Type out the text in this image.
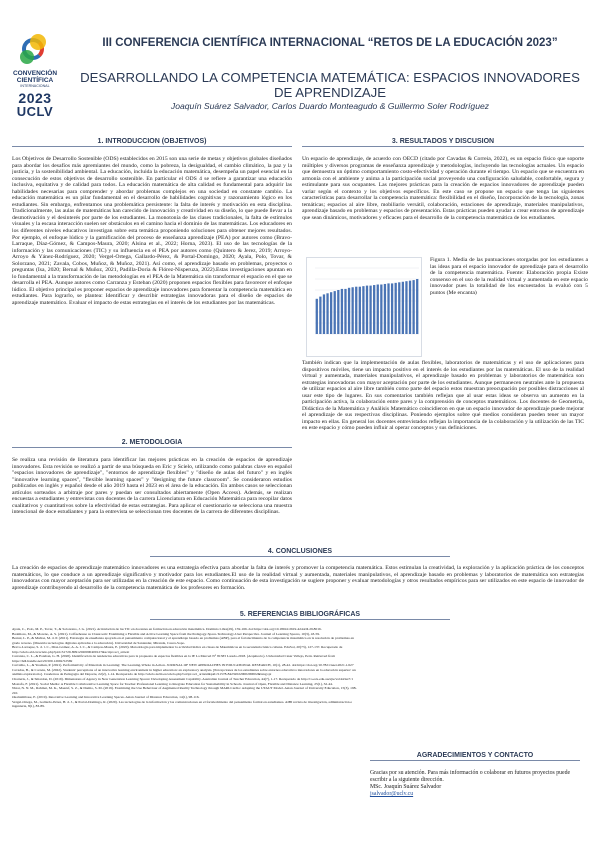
CONVENCIÓN
CIENTÍFICA
INTERNACIONAL
2023
UCLV
III CONFERENCIA CIENTÍFICA INTERNACIONAL “RETOS DE LA EDUCACIÓN 2023”
DESARROLLANDO LA COMPETENCIA MATEMÁTICA: ESPACIOS INNOVADORES DE APRENDIZAJE
Joaquín Suárez Salvador, Carlos Duardo Monteagudo & Guillermo Soler Rodríguez
1. INTRODUCCION (OBJETIVOS)
Los Objetivos de Desarrollo Sostenible (ODS) establecidos en 2015 son una serie de metas y objetivos globales diseñados para abordar los desafíos más apremiantes del mundo, como la pobreza, la desigualdad, el cambio climático, la paz y la justicia, y la sostenibilidad ambiental. La educación, incluida la educación matemática, desempeña un papel esencial en la consecución de estos objetivos de desarrollo sostenible. En particular el ODS 4 se refiere a garantizar una educación inclusiva, equitativa y de calidad para todos. La educación matemática de alta calidad es fundamental para adquirir las habilidades necesarias para comprender y abordar problemas complejos en una sociedad en constante cambio. La educación matemática es un pilar fundamental en el desarrollo de habilidades cognitivas y razonamiento lógico en los estudiantes. Sin embargo, enfrentamos una problemática persistente: la falta de interés y motivación en esta disciplina. Tradicionalmente, las aulas de matemáticas han carecido de innovación y creatividad en su diseño, lo que puede llevar a la desmotivación y el desinterés por parte de los estudiantes. La monotonía de las clases tradicionales, la falta de estímulos visuales y la escasa interacción suelen ser obstáculos en el camino hacia el dominio de las matemáticas. Los educadores en los diferentes niveles educativos investigan sobre esta temática proponiendo soluciones para obtener mejores resultados. Por ejemplo, el enfoque lúdico y la gamificación del proceso de enseñanza aprendizaje (PEA) por autores como (Bravo-Larraque, Díaz-Gómez, & Campos-Maura, 2020; Alsina et al., 2022; Horna, 2023). El uso de las tecnologías de la información y las comunicaciones (TIC) y su influencia en el PEA por autores como (Quintero & Jerez, 2019; Arroyo-Arroyo & Yánez-Rodríguez, 2020; Vergel-Ortega, Gallardo-Pérez, & Portal-Domingo, 2020; Ayala, Polo, Tovar, & Solorzano, 2021; Zavala, Cobos, Muñoz, & Muñoz, 2021). Así como, el aprendizaje basado en problemas, proyectos o preguntas (Isa, 2020; Bernal & Muñoz, 2021, Padilla-Doria & Flórez-Nisperuza, 2022).Estas investigaciones apuntan en lo fundamental a la transformación de las metodologías en el PEA de la Matemática sin transformar el espacio en el que se desarrolla el PEA. Aunque autores como Carranza y Esteban (2020) proponen espacios flexibles para favorecer el enfoque lúdico. El objetivo principal es proponer espacios de aprendizaje innovadores para fomentar la competencia matemática en estudiantes. Para lograrlo, se plantea: Identificar y describir estrategias innovadoras para el diseño de espacios de aprendizaje matemático. Evaluar el impacto de estas estrategias en el interés de los estudiantes por las matemáticas.
2. METODOLOGIA
Se realiza una revisión de literatura para identificar las mejores prácticas en la creación de espacios de aprendizaje innovadores. Esta revisión se realizó a partir de una búsqueda en Eric y Scielo, utilizando como palabras clave en español "espacios innovadores de aprendizaje", "entornos de aprendizaje flexibles" y "diseño de aulas del futuro" y en inglés "innovative learning spaces", "flexible learning spaces" y "designing the future classroom". Se consideraron estudios publicados en inglés y español desde el año 2019 hasta el 2023 en el área de la educación. En ambos casos se seleccionan artículos sorteados a arbitraje por pares y puedan ser consultados abiertamente (Open Access). Además, se realizan encuestas a estudiantes y entrevistas con docentes de la carrera Licenciatura en Educación Matemática para recopilar datos cualitativos y cuantitativos sobre la efectividad de estas estrategias. Para aplicar el cuestionario se selecciona una muestra intencional de doce estudiantes y para la entrevista se seleccionan tres docentes de la carrera de diferentes disciplinas.
3. RESULTADOS Y DISCUSION
Un espacio de aprendizaje, de acuerdo con OECD (citado por Cavadas & Correia, 2022), es un espacio físico que soporte múltiples y diversos programas de enseñanza aprendizaje y metodologías, incluyendo las tecnologías actuales. Un espacio que demuestra un óptimo comportamiento costo-efectividad y operación durante el tiempo. Un espacio que se encuentra en armonía con el ambiente y anima a la participación social proveyendo una configuración saludable, confortable, segura y estimulante para sus ocupantes. Las mejores prácticas para la creación de espacios innovadores de aprendizaje pueden variar según el contexto y los objetivos específicos. En este caso se propone un espacio que tenga las siguientes características para desarrollar la competencia matemática: flexibilidad en el diseño, Incorporación de la tecnología, zonas temáticas; espacios al aire libre, mobiliario versátil, colaboración, estaciones de aprendizaje, materiales manipulativos, aprendizaje basado en problemas y espacios de presentación. Estas prácticas pueden ayudar a crear entornos de aprendizaje que sean dinámicos, motivadores y eficaces para el desarrollo de la competencia matemática de los estudiantes.
Figura 1. Media de las puntuaciones otorgadas por los estudiantes a las ideas para el espacio innovador de aprendizaje para el desarrollo de la competencia matemática. Fuente: Elaboración propia Existe consenso en el uso de la realidad virtual y aumentada en este espacio innovador pues la totalidad de los encuestados la evaluó con 5 puntos (Me encanta)
También indican que la implementación de aulas flexibles, laboratorios de matemáticas y el uso de aplicaciones para dispositivos móviles, tiene un impacto positivo en el interés de los estudiantes por las matemáticas. El uso de la realidad virtual y aumentada, materiales manipulativos, el aprendizaje basado en problemas y laboratorios de matemática son estrategias innovadoras con mayor aceptación por parte de los estudiantes. Aunque permanecen neutrales ante la propuesta de utilizar espacios al aire libre también como parte del espacio estos muestran preocupación por posibles distracciones al usar este tipo de lugares. En sus comentarios también reflejan que al usar estas ideas se observa un aumento en la participación activa, la colaboración entre pares y la comprensión de conceptos matemáticos. Los docentes de Geometría, Didáctica de la Matemática y Análisis Matemático coincidieron en que un espacio innovador de aprendizaje puede mejorar el aprendizaje de sus respectivas disciplinas. Poniendo ejemplos sobre qué medios consideran pueden tener un mayor impacto en ellas. En general los docentes entrevistados reflejan la importancia de la colaboración y la utilización de las TIC en este espacio y cómo pueden influir al operar conceptos y sus definiciones.
4. CONCLUSIONES
La creación de espacios de aprendizaje matemático innovadores es una estrategia efectiva para abordar la falta de interés y promover la competencia matemática. Estos estimulan la creatividad, la exploración y la aplicación práctica de los conceptos matemáticos, lo que conduce a un aprendizaje significativo y motivador para los estudiantes.El uso de la realidad virtual y aumentada, materiales manipulativos, el aprendizaje basado en problemas y laboratorios de matemática son estrategias innovadoras con mayor aceptación para ser utilizadas en la creación de este espacio. Como continuación de esta investigación se sugiere proponer y evaluar metodologías y otros resultados empíricos para ser utilizados en este espacio de innovador de aprendizaje contribuyendo al desarrollo de la competencia matemática de los profesores en formación.
5. REFERENCIAS BIBLIOGRÁFICAS
Ayala, C., Polo, M. P., Tovar, T., & Solorzano, J. G. (2021). Articulación de las TIC en docentes en formación en educación matemática. Dominio Libre(29), 159-166. doi:https://doi.org/10.18041/2619-4244/dl.29.8016.
Baalmoss, M., & Moreno, A. S. (2021). Coffeehouse as Classroom: Examining a Flexible and Active Learning Space from the Pedagogy-Space-Technology-User Perspective. Journal of Learning Spaces, 10(3), 43-59.
Bernal, L. P., & Muñoz, M. d. P. (2021). Estrategia de enseñanza apoyada en el pensamiento computacional y el aprendizaje basado en problemas (ABP), para el fortalecimiento de la competencia matemática en la resolución de problemas en
grado noveno. (Maestría tecnologías digitales aplicadas a la educación). Universidad de Santander, Miranda, Cauca-Sopo.
Bravo-Larraque, S. d. l. C., Díaz-Gómez, A. A. I. C., & Campos-Maura, E. (2020). Metodología para implementar la actividad lúdica en clases de Matemáticas en la secundaria básica cubana. EduSol, 20(73), 127-137. Recuperado de
http://scielo.sld.cu/scielo.php?pid=S1729-80912020000400127&script=sci_arttext
Carranza, C. L., & Esteban, G. H. (2020). Identificación de tendencias educativas para la propuesta de espacios flexibles en la IE La Merced N° 81583 Laredo-2018. (Arquitecto). Universidad César Vallejo, Perú. Retrieved from
https://hdl.handle.net/20.500.12692/52569
Carvalho, L., & Yeoman, P. (2021). Performativity of Materials in Learning: The Learning-Whole in Action. JOURNAL OF NEW APPROACHES IN EDUCATIONAL RESEARCH, 10(1), 28-42. doi:https://doi.org/10.7821/naer.2021.1.627
Cavadas, B., & Correia, M. (2022). Students' perceptions of an innovative learning environment in higher education: an exploratory analysis. [Percepciones de los estudiantes sobre entornos educativos innovadores en la educación superior: un
análisis exploratorio]. Cuadernos de Pedagogía del Deporte, 22(2), 1-14. Recuperado de http://scielo.isciii.es/scielo.php?script=sci_arttext&pid=S1578-84232022000200002&lang=pt
Charteris, J., & Smardon, D. (2019). Dimensions of Agency in New Generation Learning Spaces: Developing Assessment Capability. Australian Journal of Teacher Education, 44(7), 1-17. Recuperado de http://ro.ecu.edu.au/ajte/vol44/iss7/1
Mostafa, F. (2021). Social Media: A Flexible Collaborative Learning Space for Teacher Professional Learning to Integrate Education for Sustainability in Schools. Journal of Open, Flexible and Distance Learning, 25(1), 32-44.
Nizar, N. N. M., Rahmat, M. K., Maaruf, S. Z., & Damio, S. M. (2019). Examining the Use Behaviour of Augmented Reality Technology through MARLCardio: Adapting the UTAUT Model. Asian Journal of University Education, 15(3), 198-
210.
Oualaimibase, E. (2019). Innovative Learning and Innovative Learning Spaces. Asian Journal of Distance Education, 14(1), 98-116.
Vergel-Ortega, M., Gallardo-Pérez, H. d. J., & Portal-Domingo, R. (2020). Las tecnologías de la información y las comunicaciones en el fortalecimiento del pensamiento formal en estudiantes. AIBI revista de investigación, administración e
ingeniería, 8(1), 83-89.
AGRADECIMIENTOS Y CONTACTO
Gracias por su atención. Para más información o colaborar en futuros proyectos puede
escribir a la siguiente dirección.
MSc. Joaquín Suárez Salvador
jsalvador@uclv.cu
